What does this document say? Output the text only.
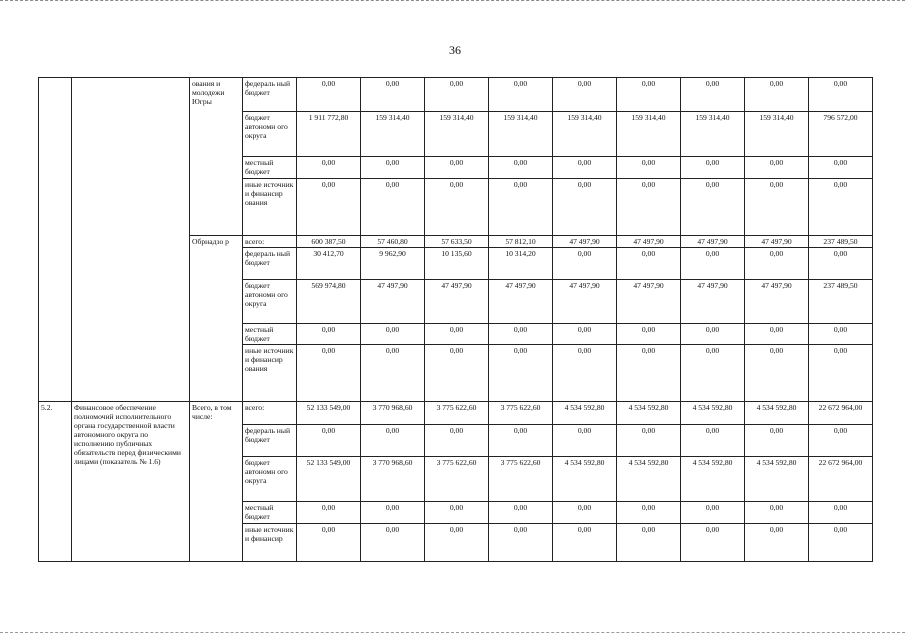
36
		ования и молодежи Югры	федераль ный бюджет	0,00	0,00	0,00	0,00	0,00	0,00	0,00	0,00	0,00
			бюджет автономн ого округа	1 911 772,80	159 314,40	159 314,40	159 314,40	159 314,40	159 314,40	159 314,40	159 314,40	796 572,00
			местный бюджет	0,00	0,00	0,00	0,00	0,00	0,00	0,00	0,00	0,00
			иные источник и финансир ования	0,00	0,00	0,00	0,00	0,00	0,00	0,00	0,00	0,00
		Обрнадзо р	всего:	600 387,50	57 460,80	57 633,50	57 812,10	47 497,90	47 497,90	47 497,90	47 497,90	237 489,50
			федераль ный бюджет	30 412,70	9 962,90	10 135,60	10 314,20	0,00	0,00	0,00	0,00	0,00
			бюджет автономн ого округа	569 974,80	47 497,90	47 497,90	47 497,90	47 497,90	47 497,90	47 497,90	47 497,90	237 489,50
			местный бюджет	0,00	0,00	0,00	0,00	0,00	0,00	0,00	0,00	0,00
			иные источник и финансир ования	0,00	0,00	0,00	0,00	0,00	0,00	0,00	0,00	0,00
5.2.	Финансовое обеспечение полномочий исполнительного органа государственной власти автономного округа по исполнению публичных обязательств перед физическими лицами (показатель № 1.6)	Всего, в том числе:	всего:	52 133 549,00	3 770 968,60	3 775 622,60	3 775 622,60	4 534 592,80	4 534 592,80	4 534 592,80	4 534 592,80	22 672 964,00
			федераль ный бюджет	0,00	0,00	0,00	0,00	0,00	0,00	0,00	0,00	0,00
			бюджет автономн ого округа	52 133 549,00	3 770 968,60	3 775 622,60	3 775 622,60	4 534 592,80	4 534 592,80	4 534 592,80	4 534 592,80	22 672 964,00
			местный бюджет	0,00	0,00	0,00	0,00	0,00	0,00	0,00	0,00	0,00
			иные источник и финансир	0,00	0,00	0,00	0,00	0,00	0,00	0,00	0,00	0,00
